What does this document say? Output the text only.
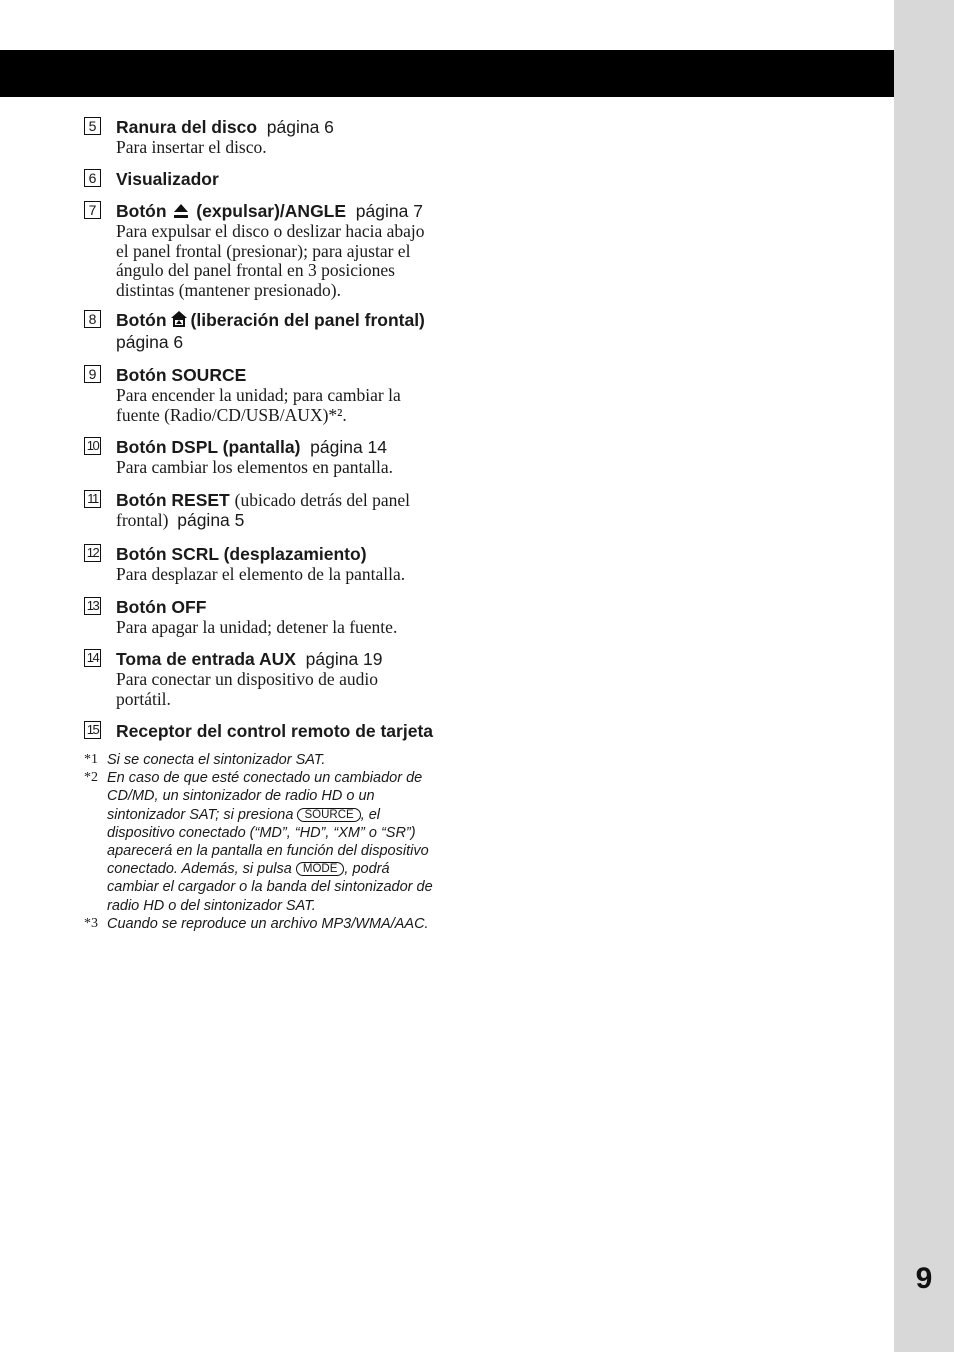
9
5 Ranura del disco página 6
Para insertar el disco.
6 Visualizador
7 Botón (expulsar)/ANGLE página 7
Para expulsar el disco o deslizar hacia abajo
el panel frontal (presionar); para ajustar el
ángulo del panel frontal en 3 posiciones
distintas (mantener presionado).
8 Botón (liberación del panel frontal)
página 6
9 Botón SOURCE
Para encender la unidad; para cambiar la
fuente (Radio/CD/USB/AUX)*².
10 Botón DSPL (pantalla) página 14
Para cambiar los elementos en pantalla.
11 Botón RESET (ubicado detrás del panel
frontal) página 5
12 Botón SCRL (desplazamiento)
Para desplazar el elemento de la pantalla.
13 Botón OFF
Para apagar la unidad; detener la fuente.
14 Toma de entrada AUX página 19
Para conectar un dispositivo de audio
portátil.
15 Receptor del control remoto de tarjeta
*1 Si se conecta el sintonizador SAT.
*2 En caso de que esté conectado un cambiador de
CD/MD, un sintonizador de radio HD o un
sintonizador SAT; si presiona SOURCE , el
dispositivo conectado (“MD”, “HD”, “XM” o “SR”)
aparecerá en la pantalla en función del dispositivo
conectado. Además, si pulsa MODE , podrá
cambiar el cargador o la banda del sintonizador de
radio HD o del sintonizador SAT.
*3 Cuando se reproduce un archivo MP3/WMA/AAC.
